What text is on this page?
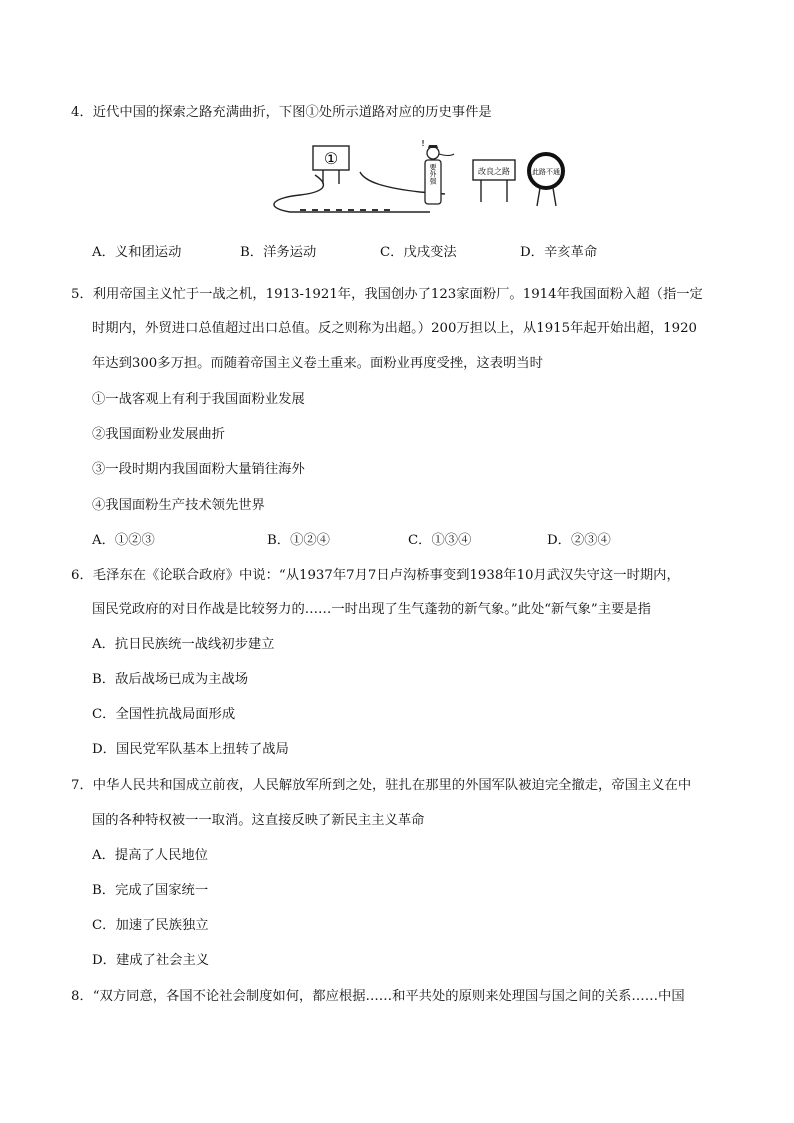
4．近代中国的探索之路充满曲折，下图①处所示道路对应的历史事件是
①
要外强
!
改良之路	此路不通
A．义和团运动	B．洋务运动	C．戊戌变法	D．辛亥革命
5．利用帝国主义忙于一战之机，1913-1921年，我国创办了123家面粉厂。1914年我国面粉入超（指一定
时期内，外贸进口总值超过出口总值。反之则称为出超。）200万担以上，从1915年起开始出超，1920
年达到300多万担。而随着帝国主义卷土重来。面粉业再度受挫，这表明当时
①一战客观上有利于我国面粉业发展
②我国面粉业发展曲折
③一段时期内我国面粉大量销往海外
④我国面粉生产技术领先世界
A．①②③	B．①②④	C．①③④	D．②③④
6．毛泽东在《论联合政府》中说：“从1937年7月7日卢沟桥事变到1938年10月武汉失守这一时期内，
国民党政府的对日作战是比较努力的……一时出现了生气蓬勃的新气象。”此处“新气象”主要是指
A．抗日民族统一战线初步建立
B．敌后战场已成为主战场
C．全国性抗战局面形成
D．国民党军队基本上扭转了战局
7．中华人民共和国成立前夜，人民解放军所到之处，驻扎在那里的外国军队被迫完全撤走，帝国主义在中
国的各种特权被一一取消。这直接反映了新民主主义革命
A．提高了人民地位
B．完成了国家统一
C．加速了民族独立
D．建成了社会主义
8．“双方同意，各国不论社会制度如何，都应根据……和平共处的原则来处理国与国之间的关系……中国
